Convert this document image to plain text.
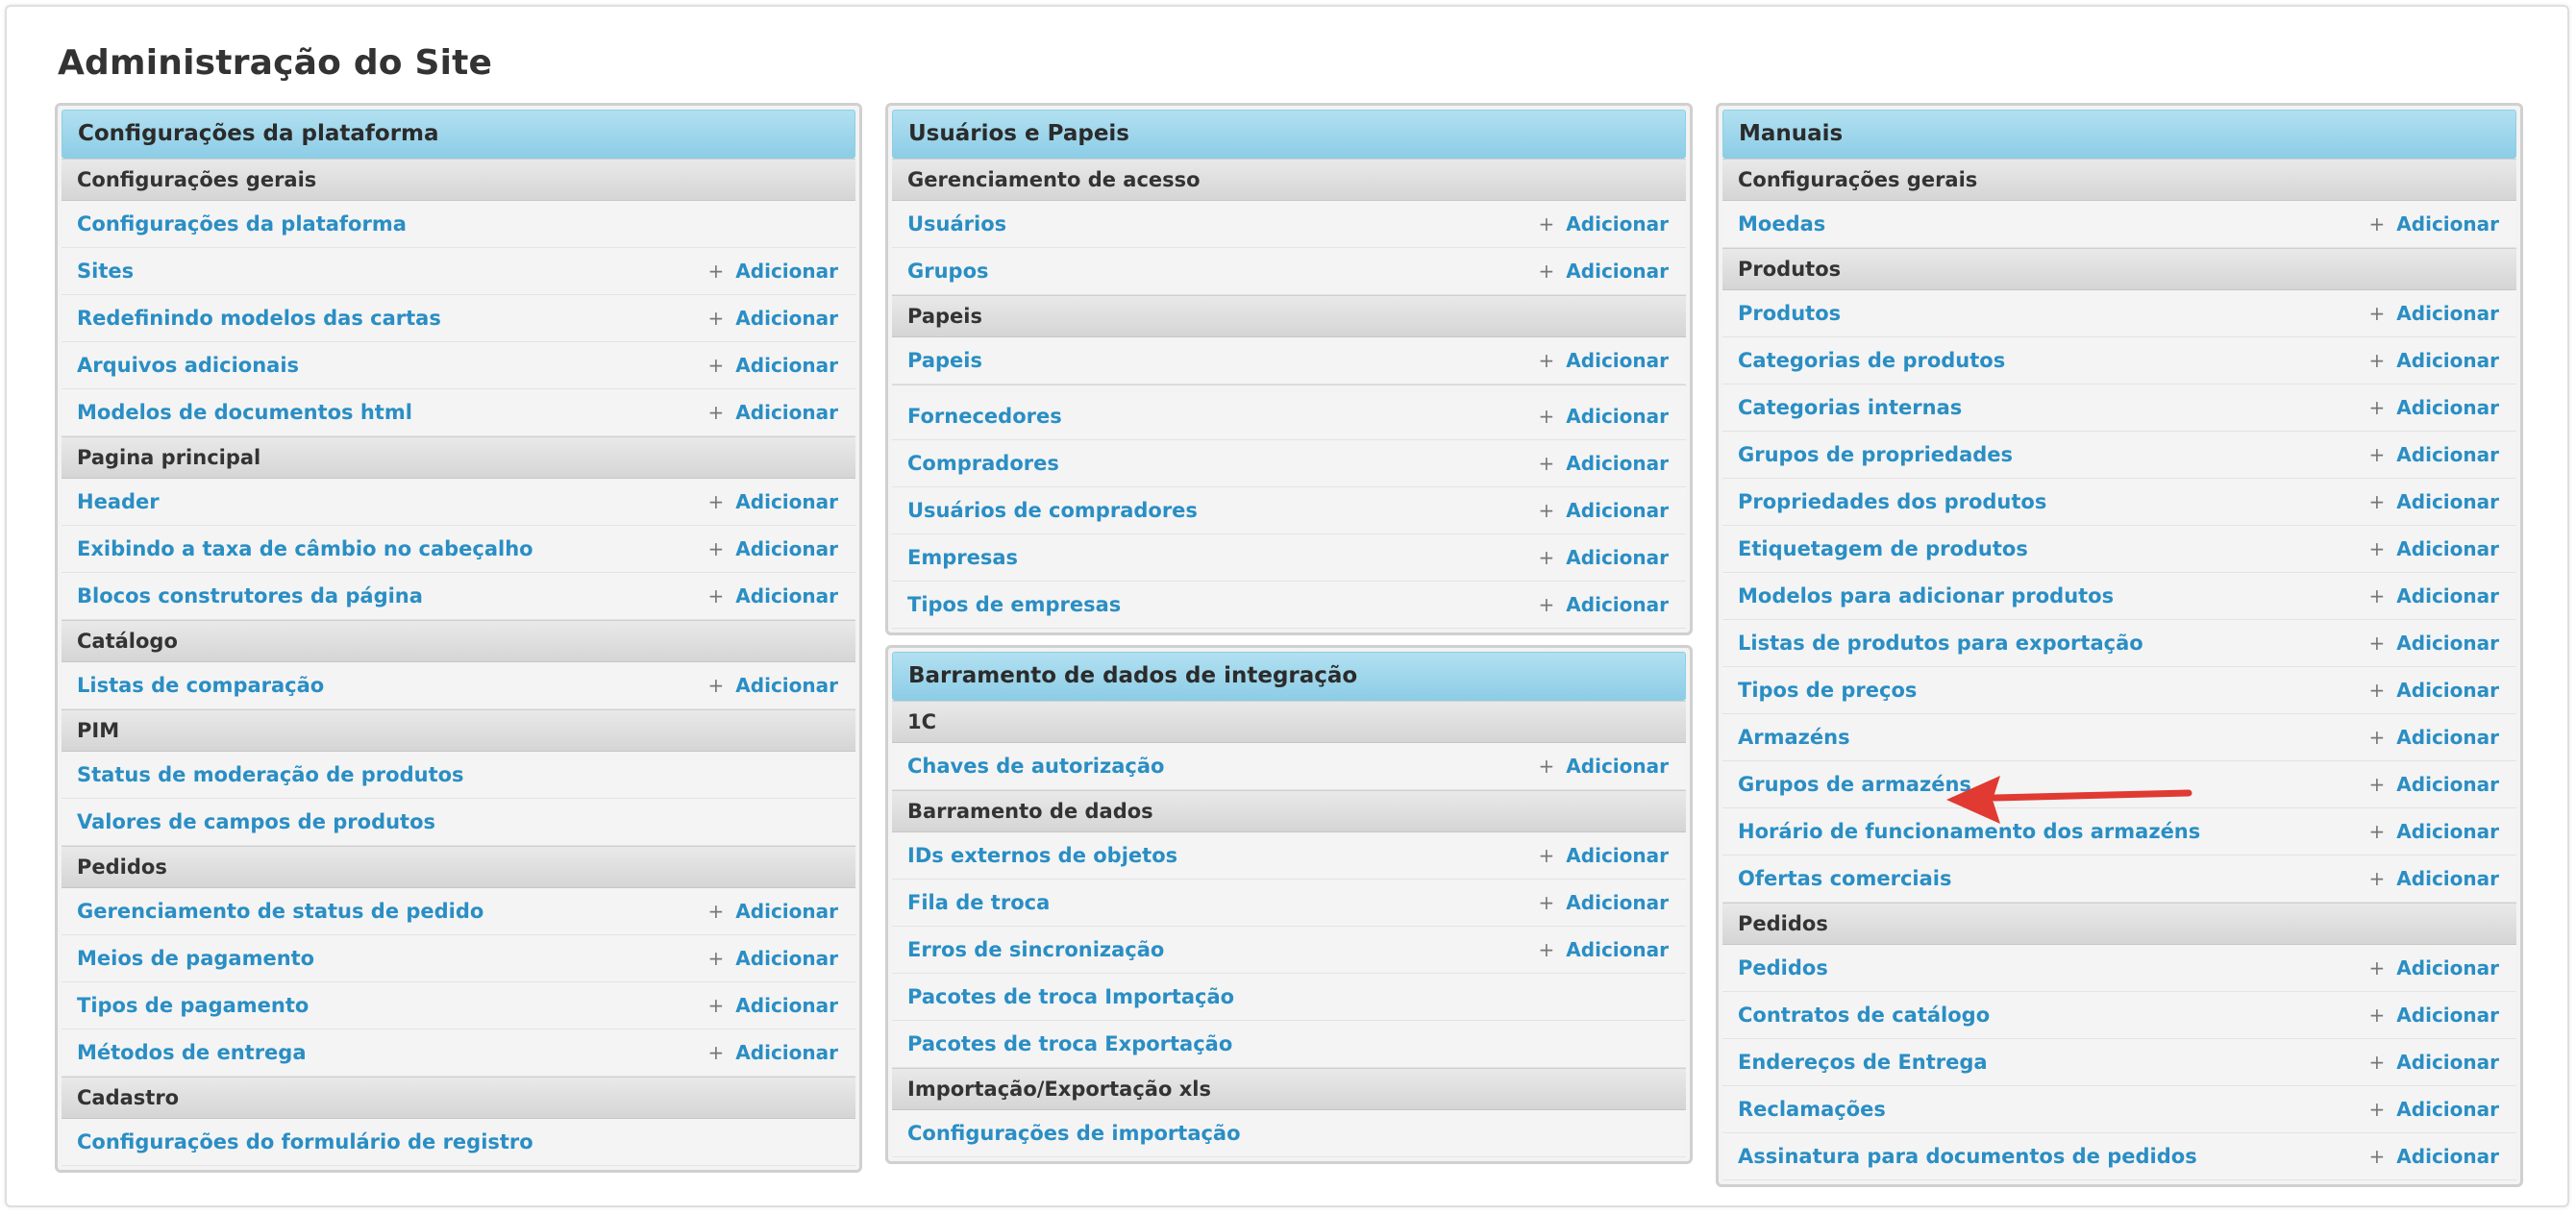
Administração do Site
Configurações da plataforma
Configurações gerais
Configurações da plataforma
Sites	+ Adicionar
Redefinindo modelos das cartas	+ Adicionar
Arquivos adicionais	+ Adicionar
Modelos de documentos html	+ Adicionar
Pagina principal
Header	+ Adicionar
Exibindo a taxa de câmbio no cabeçalho	+ Adicionar
Blocos construtores da página	+ Adicionar
Catálogo
Listas de comparação	+ Adicionar
PIM
Status de moderação de produtos
Valores de campos de produtos
Pedidos
Gerenciamento de status de pedido	+ Adicionar
Meios de pagamento	+ Adicionar
Tipos de pagamento	+ Adicionar
Métodos de entrega	+ Adicionar
Cadastro
Configurações do formulário de registro
Usuários e Papeis
Gerenciamento de acesso
Usuários	+ Adicionar
Grupos	+ Adicionar
Papeis
Papeis	+ Adicionar
Fornecedores	+ Adicionar
Compradores	+ Adicionar
Usuários de compradores	+ Adicionar
Empresas	+ Adicionar
Tipos de empresas	+ Adicionar
Barramento de dados de integração
1C
Chaves de autorização	+ Adicionar
Barramento de dados
IDs externos de objetos	+ Adicionar
Fila de troca	+ Adicionar
Erros de sincronização	+ Adicionar
Pacotes de troca Importação
Pacotes de troca Exportação
Importação/Exportação xls
Configurações de importação
Manuais
Configurações gerais
Moedas	+ Adicionar
Produtos
Produtos	+ Adicionar
Categorias de produtos	+ Adicionar
Categorias internas	+ Adicionar
Grupos de propriedades	+ Adicionar
Propriedades dos produtos	+ Adicionar
Etiquetagem de produtos	+ Adicionar
Modelos para adicionar produtos	+ Adicionar
Listas de produtos para exportação	+ Adicionar
Tipos de preços	+ Adicionar
Armazéns	+ Adicionar
Grupos de armazéns	+ Adicionar
Horário de funcionamento dos armazéns	+ Adicionar
Ofertas comerciais	+ Adicionar
Pedidos
Pedidos	+ Adicionar
Contratos de catálogo	+ Adicionar
Endereços de Entrega	+ Adicionar
Reclamações	+ Adicionar
Assinatura para documentos de pedidos	+ Adicionar
